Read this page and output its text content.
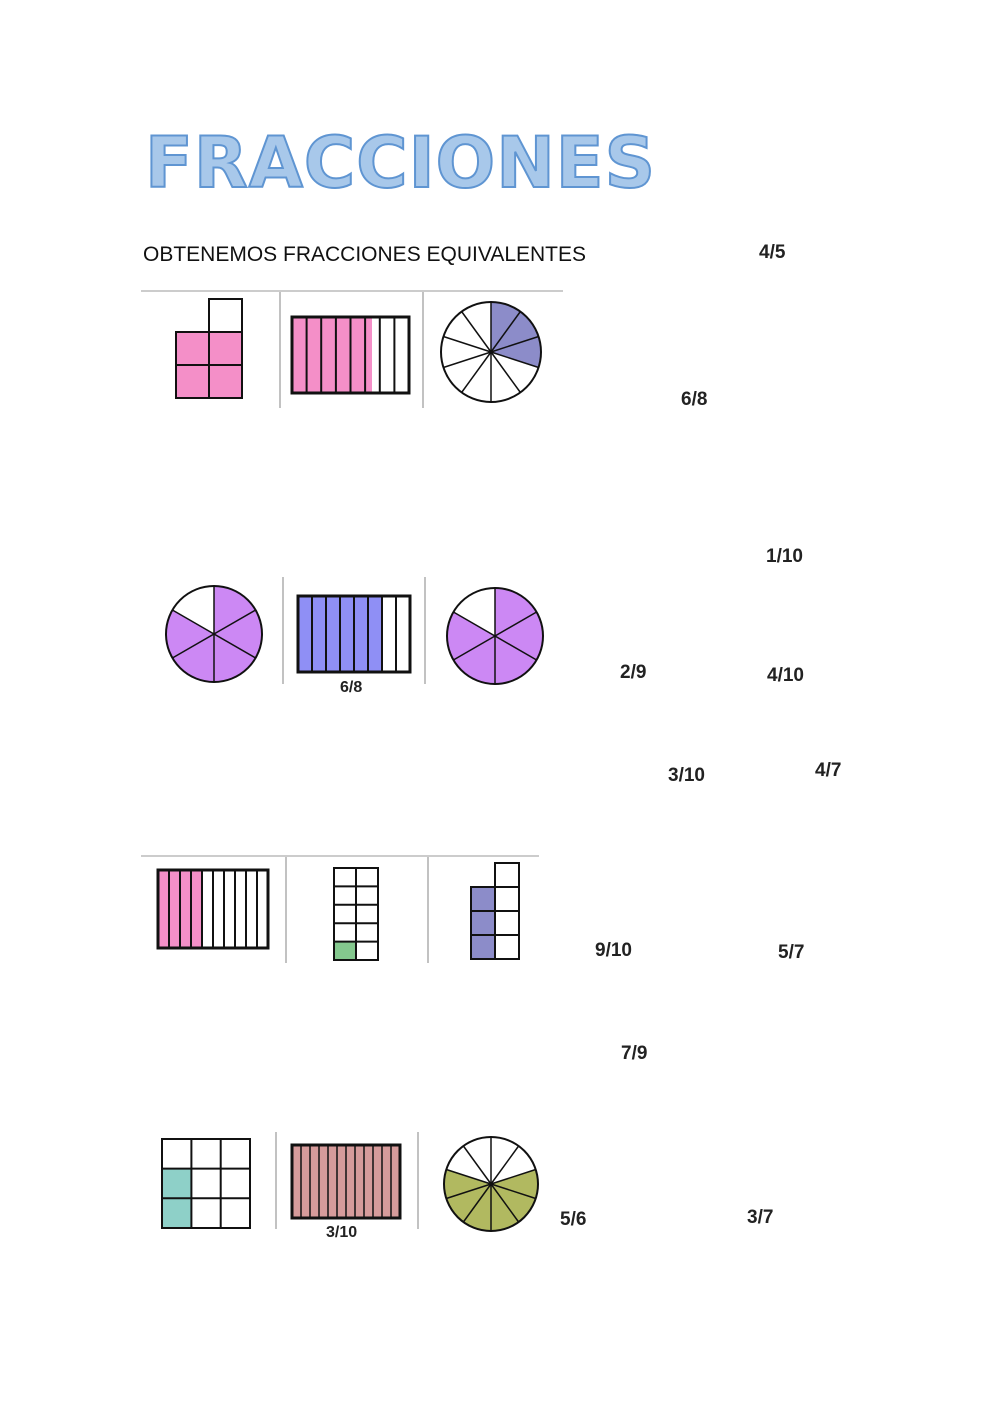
FRACCIONES
OBTENEMOS FRACCIONES EQUIVALENTES
6/8
3/10
4/5
6/8
1/10
2/9	4/10
3/10	4/7
9/10	5/7
7/9
5/6	3/7
